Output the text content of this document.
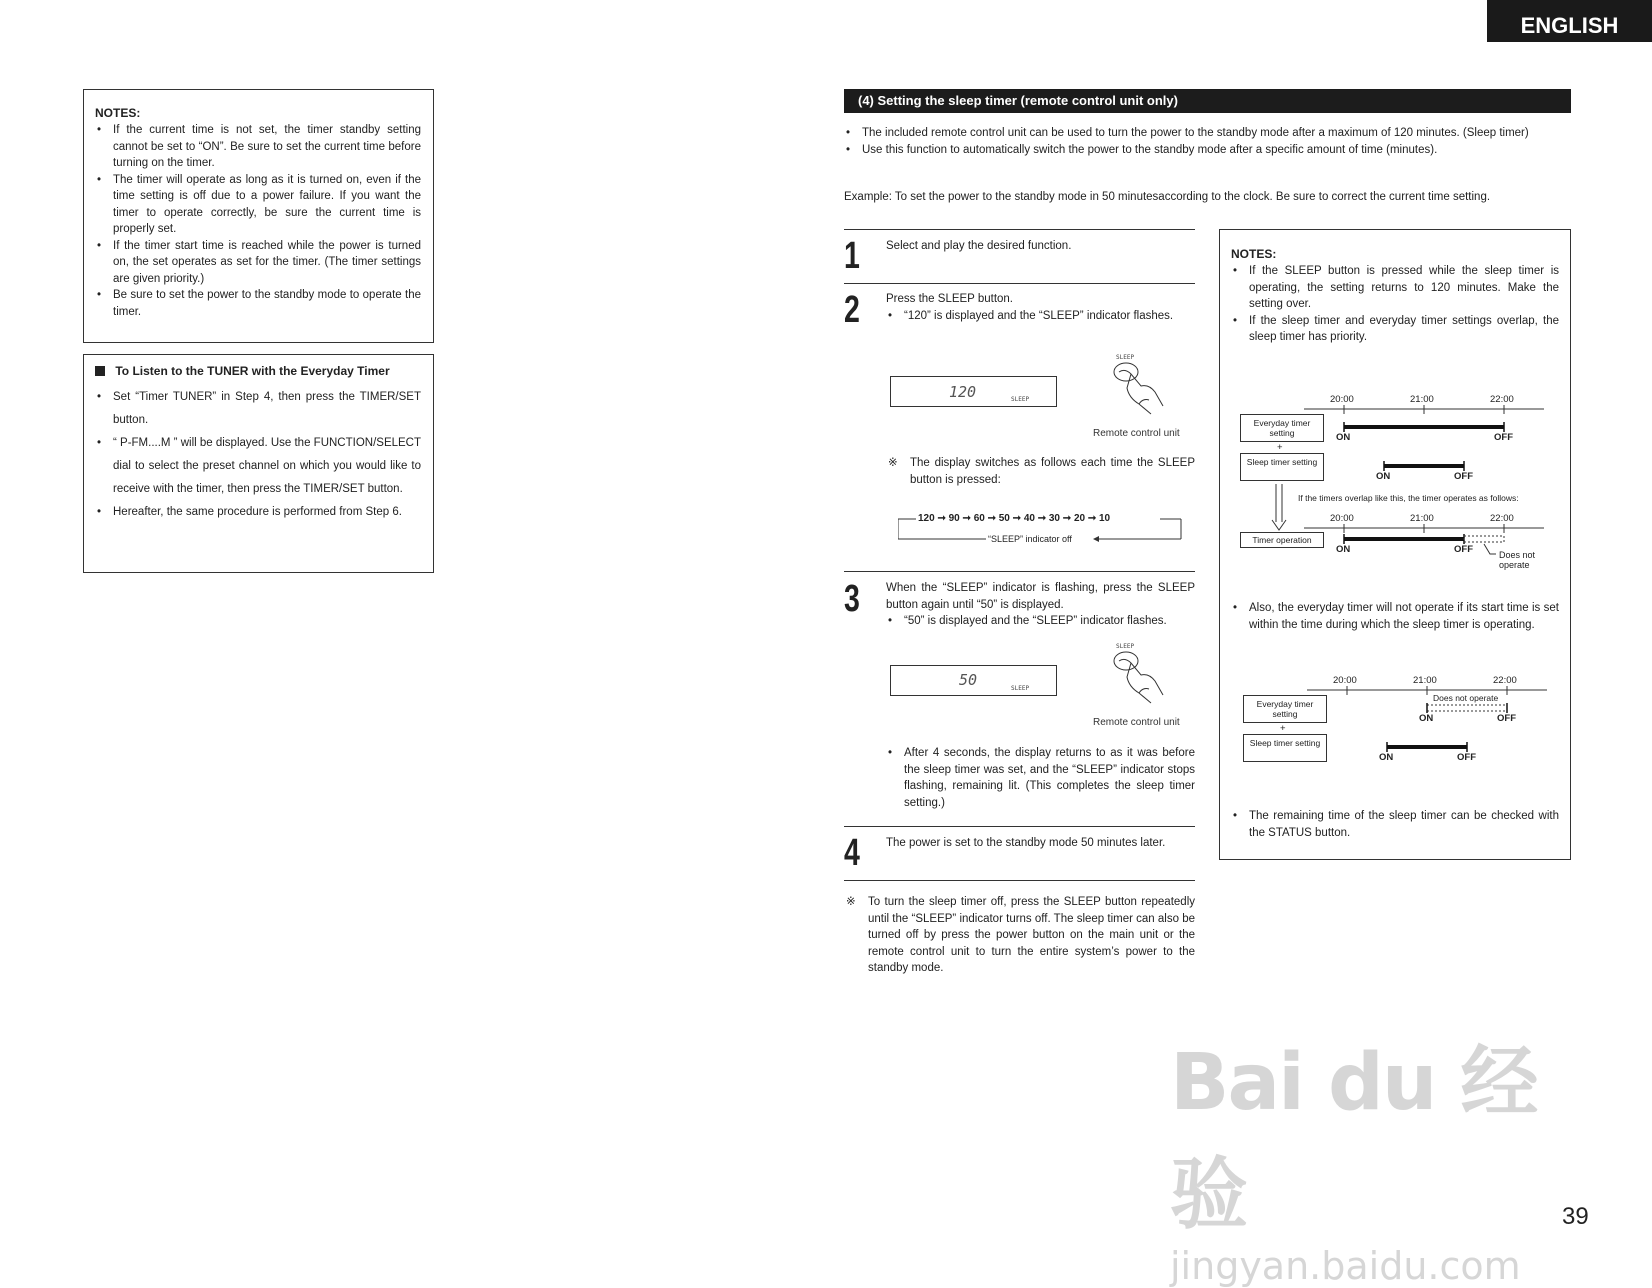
ENGLISH
NOTES:
• If the current time is not set, the timer standby setting cannot be set to “ON”. Be sure to set the current time before turning on the timer.
• The timer will operate as long as it is turned on, even if the time setting is off due to a power failure. If you want the timer to operate correctly, be sure the current time is properly set.
• If the timer start time is reached while the power is turned on, the set operates as set for the timer. (The timer settings are given priority.)
• Be sure to set the power to the standby mode to operate the timer.
To Listen to the TUNER with the Everyday Timer
• Set “Timer TUNER” in Step 4, then press the TIMER/SET button.
• “ P-FM....M ” will be displayed. Use the FUNCTION/SELECT dial to select the preset channel on which you would like to receive with the timer, then press the TIMER/SET button.
• Hereafter, the same procedure is performed from Step 6.
(4) Setting the sleep timer (remote control unit only)
• The included remote control unit can be used to turn the power to the standby mode after a maximum of 120 minutes. (Sleep timer)
• Use this function to automatically switch the power to the standby mode after a specific amount of time (minutes).
Example: To set the power to the standby mode in 50 minutesaccording to the clock. Be sure to correct the current time setting.
1 Select and play the desired function.
2 Press the SLEEP button.
• “120” is displayed and the “SLEEP” indicator flashes.
120	SLEEP
SLEEP
Remote control unit
※	The display switches as follows each time the SLEEP button is pressed:
120 ➞ 90 ➞ 60 ➞ 50 ➞ 40 ➞ 30 ➞ 20 ➞ 10
“SLEEP” indicator off
3 When the “SLEEP” indicator is flashing, press the SLEEP button again until “50” is displayed.
• “50” is displayed and the “SLEEP” indicator flashes.
50	SLEEP
SLEEP
Remote control unit
• After 4 seconds, the display returns to as it was before the sleep timer was set, and the “SLEEP” indicator stops flashing, remaining lit. (This completes the sleep timer setting.)
4 The power is set to the standby mode 50 minutes later.
※	To turn the sleep timer off, press the SLEEP button repeatedly until the “SLEEP” indicator turns off. The sleep timer can also be turned off by press the power button on the main unit or the remote control unit to turn the entire system’s power to the standby mode.
NOTES:
• If the SLEEP button is pressed while the sleep timer is operating, the setting returns to 120 minutes. Make the setting over.
• If the sleep timer and everyday timer settings overlap, the sleep timer has priority.
20:00	21:00	22:00
Everyday timer setting	ON	OFF
+
Sleep timer setting
ON	OFF
If the timers overlap like this, the timer operates as follows:
20:00	21:00	22:00
Timer operation
ON	OFF	Does not operate
• Also, the everyday timer will not operate if its start time is set within the time during which the sleep timer is operating.
20:00	21:00	22:00
Does not operate
Everyday timer setting	ON	OFF
+
Sleep timer setting
ON	OFF
• The remaining time of the sleep timer can be checked with the STATUS button.
Bai du 经验
jingyan.baidu.com
39
